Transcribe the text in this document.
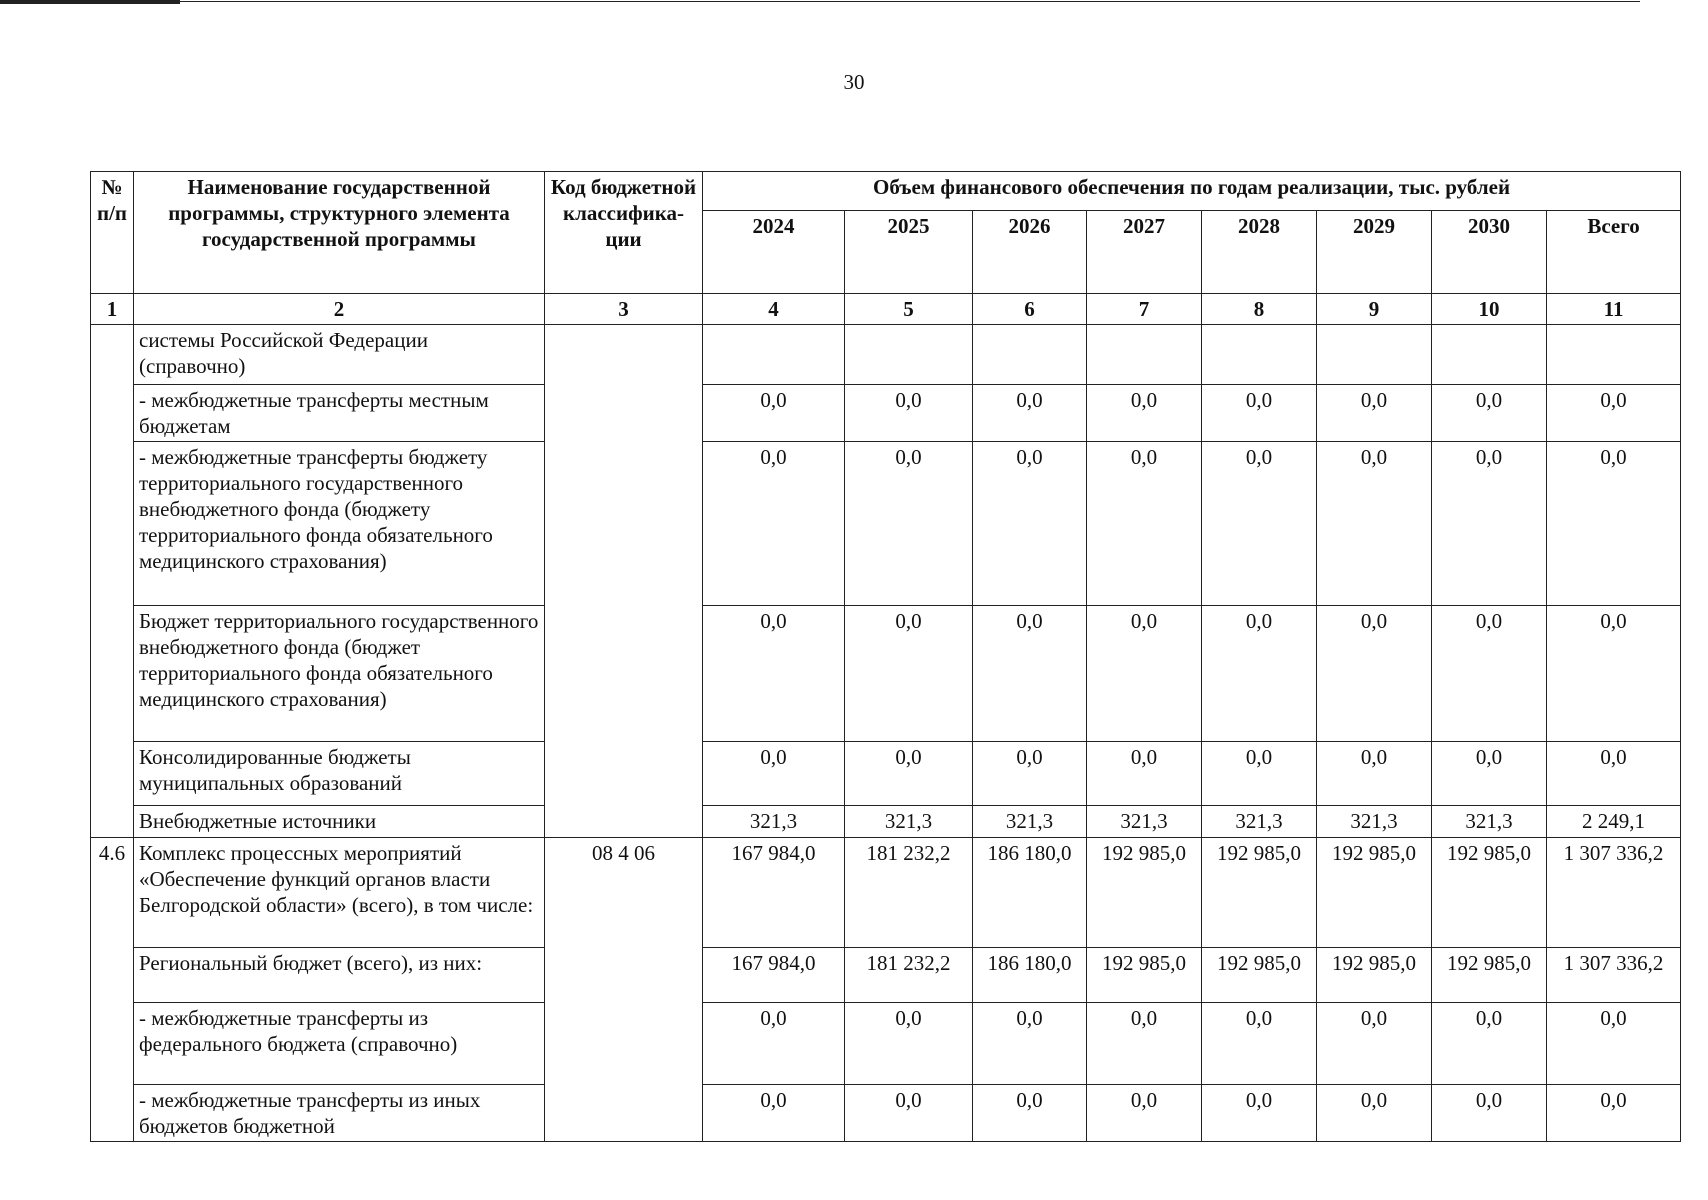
30
№ п/п	Наименование государственной программы, структурного элемента государственной программы	Код бюджетной классифика- ции	Объем финансового обеспечения по годам реализации, тыс. рублей							
			2024	2025	2026	2027	2028	2029	2030	Всего
1	2	3	4	5	6	7	8	9	10	11
	системы Российской Федерации (справочно)									
	- межбюджетные трансферты местным бюджетам		0,0	0,0	0,0	0,0	0,0	0,0	0,0	0,0
	- межбюджетные трансферты бюджету территориального государственного внебюджетного фонда (бюджету территориального фонда обязательного медицинского страхования)		0,0	0,0	0,0	0,0	0,0	0,0	0,0	0,0
	Бюджет территориального государственного внебюджетного фонда (бюджет территориального фонда обязательного медицинского страхования)		0,0	0,0	0,0	0,0	0,0	0,0	0,0	0,0
	Консолидированные бюджеты муниципальных образований		0,0	0,0	0,0	0,0	0,0	0,0	0,0	0,0
	Внебюджетные источники		321,3	321,3	321,3	321,3	321,3	321,3	321,3	2 249,1
4.6	Комплекс процессных мероприятий «Обеспечение функций органов власти Белгородской области» (всего), в том числе:	08 4 06	167 984,0	181 232,2	186 180,0	192 985,0	192 985,0	192 985,0	192 985,0	1 307 336,2
	Региональный бюджет (всего), из них:		167 984,0	181 232,2	186 180,0	192 985,0	192 985,0	192 985,0	192 985,0	1 307 336,2
	- межбюджетные трансферты из федерального бюджета (справочно)		0,0	0,0	0,0	0,0	0,0	0,0	0,0	0,0
	- межбюджетные трансферты из иных бюджетов бюджетной		0,0	0,0	0,0	0,0	0,0	0,0	0,0	0,0
